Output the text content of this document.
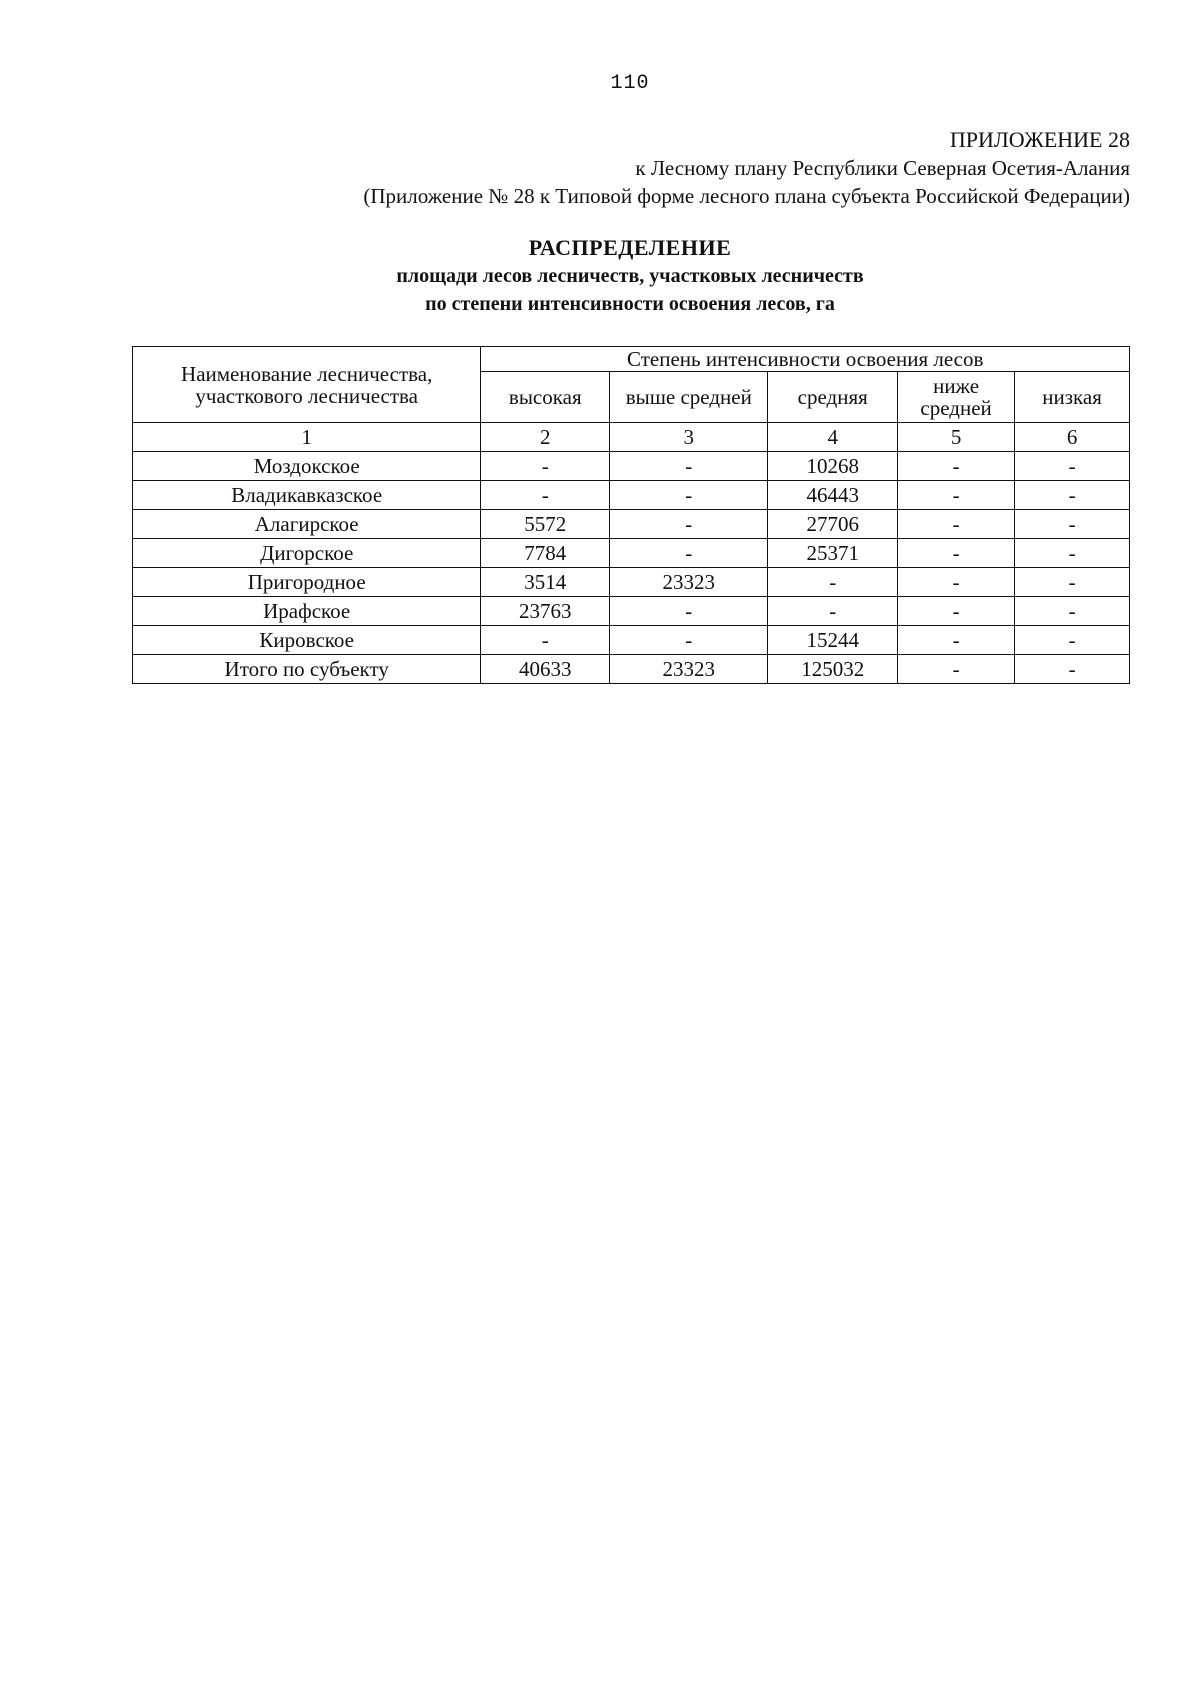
110
ПРИЛОЖЕНИЕ 28
к Лесному плану Республики Северная Осетия-Алания
(Приложение № 28 к Типовой форме лесного плана субъекта Российской Федерации)
РАСПРЕДЕЛЕНИЕ
площади лесов лесничеств, участковых лесничеств
по степени интенсивности освоения лесов, га
Наименование лесничества, участкового лесничества	Степень интенсивности освоения лесов				
	высокая	выше средней	средняя	ниже средней	низкая
1	2	3	4	5	6
Моздокское	-	-	10268	-	-
Владикавказское	-	-	46443	-	-
Алагирское	5572	-	27706	-	-
Дигорское	7784	-	25371	-	-
Пригородное	3514	23323	-	-	-
Ирафское	23763	-	-	-	-
Кировское	-	-	15244	-	-
Итого по субъекту	40633	23323	125032	-	-
